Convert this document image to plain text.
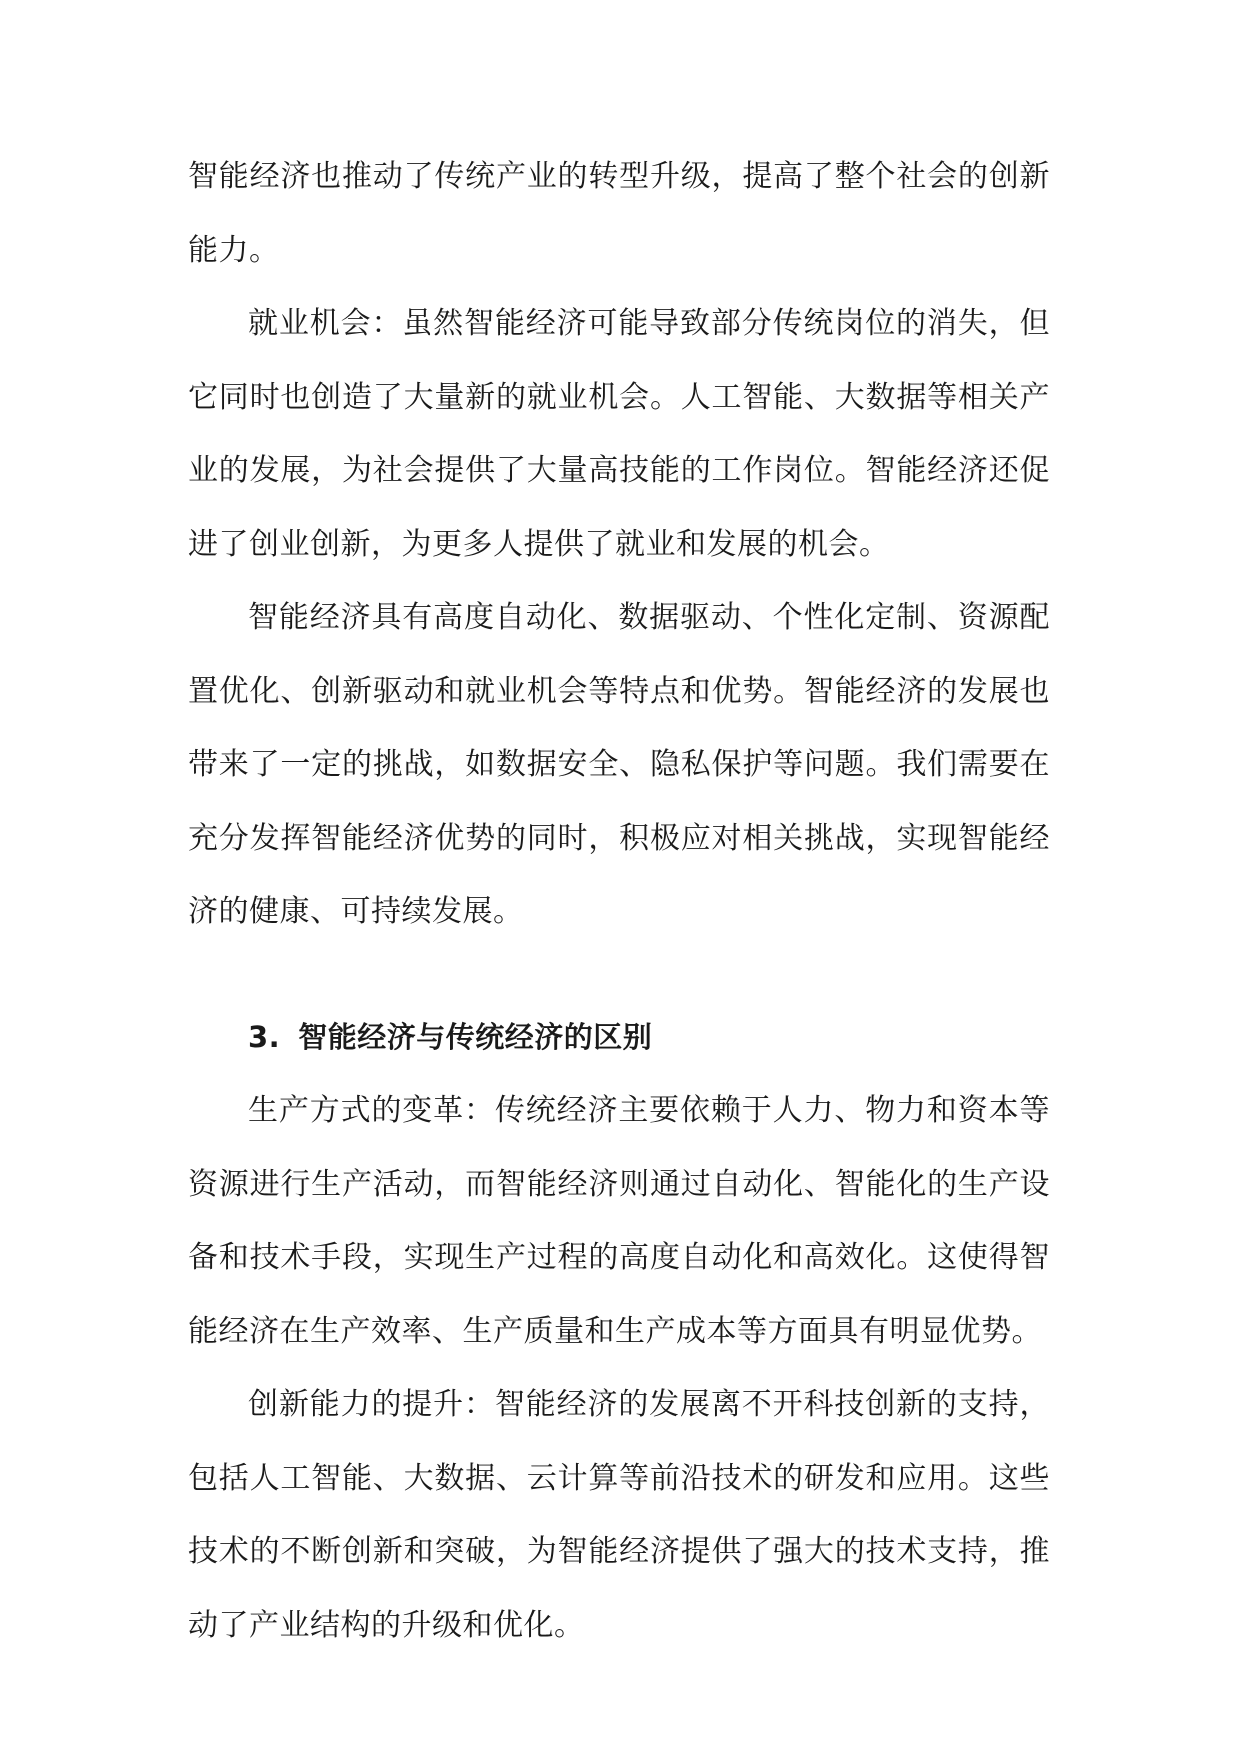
智能经济也推动了传统产业的转型升级，提高了整个社会的创新能力。

就业机会：虽然智能经济可能导致部分传统岗位的消失，但它同时也创造了大量新的就业机会。人工智能、大数据等相关产业的发展，为社会提供了大量高技能的工作岗位。智能经济还促进了创业创新，为更多人提供了就业和发展的机会。

智能经济具有高度自动化、数据驱动、个性化定制、资源配置优化、创新驱动和就业机会等特点和优势。智能经济的发展也带来了一定的挑战，如数据安全、隐私保护等问题。我们需要在充分发挥智能经济优势的同时，积极应对相关挑战，实现智能经济的健康、可持续发展。

3. 智能经济与传统经济的区别

生产方式的变革：传统经济主要依赖于人力、物力和资本等资源进行生产活动，而智能经济则通过自动化、智能化的生产设备和技术手段，实现生产过程的高度自动化和高效化。这使得智能经济在生产效率、生产质量和生产成本等方面具有明显优势。

创新能力的提升：智能经济的发展离不开科技创新的支持，包括人工智能、大数据、云计算等前沿技术的研发和应用。这些技术的不断创新和突破，为智能经济提供了强大的技术支持，推动了产业结构的升级和优化。
